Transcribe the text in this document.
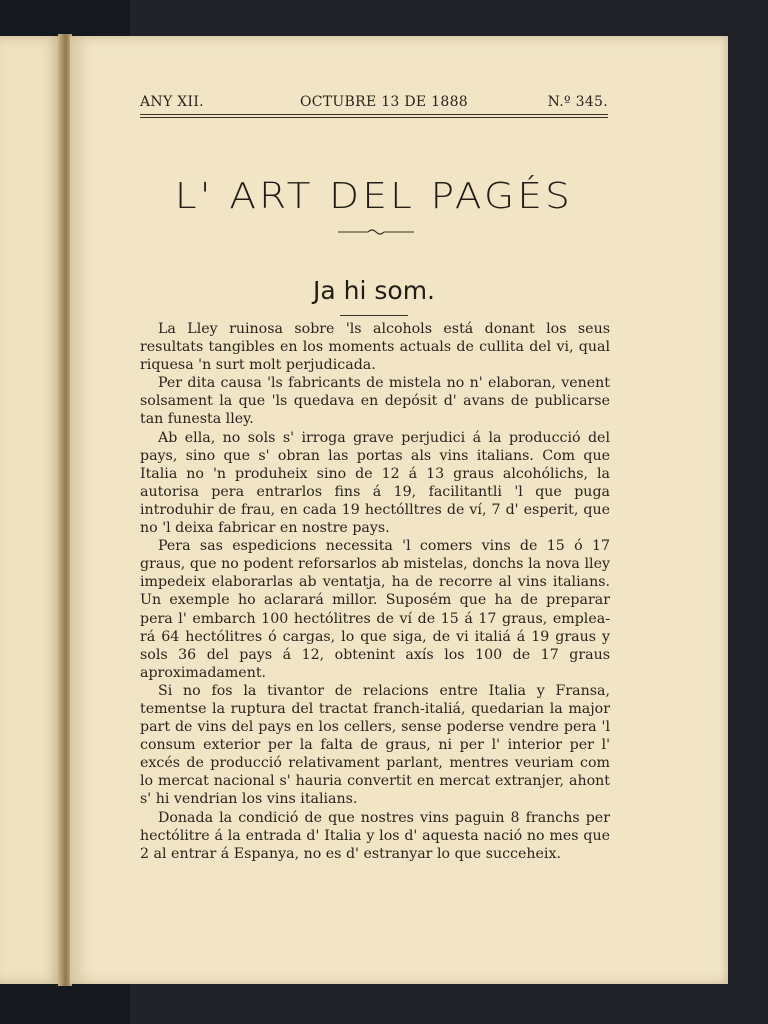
ANY XII.	OCTUBRE 13 DE 1888	N.º 345.
L' ART DEL PAGÉS
Ja hi som.

La Lley ruinosa sobre 'ls alcohols está donant los seus resultats tangibles en los moments actuals de cullita del vi, qual riquesa 'n surt molt perjudicada.

Per dita causa 'ls fabricants de mistela no n' elaboran, venent solsament la que 'ls quedava en depósit d' avans de publicarse tan funesta lley.

Ab ella, no sols s' irroga grave perjudici á la producció del pays, sino que s' obran las portas als vins italians. Com que Italia no 'n produheix sino de 12 á 13 graus alcohólichs, la autorisa pera entrarlos fins á 19, facilitantli 'l que puga introduhir de frau, en cada 19 hectólltres de ví, 7 d' esperit, que no 'l deixa fabricar en nostre pays.

Pera sas espedicions necessita 'l comers vins de 15 ó 17 graus, que no podent reforsarlos ab mistelas, donchs la nova lley impedeix elaborarlas ab ventatja, ha de recorre al vins italians. Un exemple ho aclarará millor. Suposém que ha de preparar pera l' embarch 100 hectólitres de ví de 15 á 17 graus, emplea-rá 64 hectólitres ó cargas, lo que siga, de vi italiá á 19 graus y sols 36 del pays á 12, obtenint axís los 100 de 17 graus aproximadament.

Si no fos la tivantor de relacions entre Italia y Fransa, tementse la ruptura del tractat franch-italiá, quedarian la major part de vins del pays en los cellers, sense poderse vendre pera 'l consum exterior per la falta de graus, ni per l' interior per l' excés de producció relativament parlant, mentres veuriam com lo mercat nacional s' hauria convertit en mercat extranjer, ahont s' hi vendrian los vins italians.

Donada la condició de que nostres vins paguin 8 franchs per hectólitre á la entrada d' Italia y los d' aquesta nació no mes que 2 al entrar á Espanya, no es d' estranyar lo que succeheix.
